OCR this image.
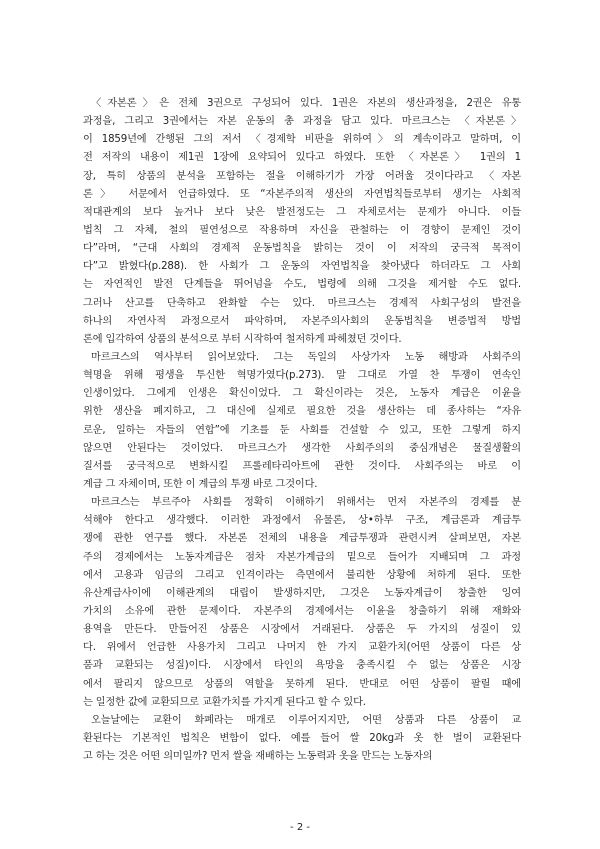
〈자본론〉은 전체 3권으로 구성되어 있다. 1권은 자본의 생산과정을, 2권은 유통
과정을, 그리고 3권에서는 자본 운동의 총 과정을 담고 있다. 마르크스는 〈자본론〉
이 1859년에 간행된 그의 저서 〈경제학 비판을 위하여〉의 계속이라고 말하며, 이
전 저작의 내용이 제1권 1장에 요약되어 있다고 하였다. 또한 〈자본론〉 1권의 1
장, 특히 상품의 분석을 포함하는 절을 이해하기가 가장 어려울 것이다라고 〈자본
론〉 서문에서 언급하였다. 또 “자본주의적 생산의 자연법칙들로부터 생기는 사회적
적대관계의 보다 높거나 보다 낮은 발전정도는 그 자체로서는 문제가 아니다. 이들
법칙 그 자체, 철의 필연성으로 작용하며 자신을 관철하는 이 경향이 문제인 것이
다”라며, “근대 사회의 경제적 운동법칙을 밝히는 것이 이 저작의 궁극적 목적이
다”고 밝혔다(p.288). 한 사회가 그 운동의 자연법칙을 찾아냈다 하더라도 그 사회
는 자연적인 발전 단계들을 뛰어넘을 수도, 법령에 의해 그것을 제거할 수도 없다.
그러나 산고를 단축하고 완화할 수는 있다. 마르크스는 경제적 사회구성의 발전을
하나의 자연사적 과정으로서 파악하며, 자본주의사회의 운동법칙을 변증법적 방법
론에 입각하여 상품의 분석으로 부터 시작하여 철저하게 파헤쳤던 것이다.
마르크스의 역사부터 읽어보았다. 그는 독일의 사상가자 노동 해방과 사회주의
혁명을 위해 평생을 투신한 혁명가였다(p.273). 말 그대로 가열 찬 투쟁이 연속인
인생이었다. 그에게 인생은 확신이었다. 그 확신이라는 것은, 노동자 계급은 이윤을
위한 생산을 폐지하고, 그 대신에 실제로 필요한 것을 생산하는 데 종사하는 “자유
로운, 일하는 자들의 연합”에 기초를 둔 사회를 건설할 수 있고, 또한 그렇게 하지
않으면 안된다는 것이었다. 마르크스가 생각한 사회주의의 중심개념은 물질생활의
질서를 궁극적으로 변화시킬 프롤레타리아트에 관한 것이다. 사회주의는 바로 이
계급 그 자체이며, 또한 이 계급의 투쟁 바로 그것이다.
마르크스는 부르주아 사회를 정확히 이해하기 위해서는 먼저 자본주의 경제를 분
석해야 한다고 생각했다. 이러한 과정에서 유물론, 상•하부 구조, 계급론과 계급투
쟁에 관한 연구를 했다. 자본론 전체의 내용을 계급투쟁과 관련시켜 살펴보면, 자본
주의 경제에서는 노동자계급은 점차 자본가계급의 밑으로 들어가 지배되며 그 과정
에서 고용과 임금의 그리고 인격이라는 측면에서 불리한 상황에 처하게 된다. 또한
유산계급사이에 이해관계의 대립이 발생하지만, 그것은 노동자계급이 창출한 잉여
가치의 소유에 관한 문제이다. 자본주의 경제에서는 이윤을 창출하기 위해 재화와
용역을 만든다. 만들어진 상품은 시장에서 거래된다. 상품은 두 가지의 성질이 있
다. 위에서 언급한 사용가치 그리고 나머지 한 가지 교환가치(어떤 상품이 다른 상
품과 교환되는 성질)이다. 시장에서 타인의 욕망을 충족시킬 수 없는 상품은 시장
에서 팔리지 않으므로 상품의 역할을 못하게 된다. 반대로 어떤 상품이 팔릴 때에
는 일정한 값에 교환되므로 교환가치를 가지게 된다고 할 수 있다.
오늘날에는 교환이 화폐라는 매개로 이루어지지만, 어떤 상품과 다른 상품이 교
환된다는 기본적인 법칙은 변함이 없다. 예를 들어 쌀 20kg과 옷 한 벌이 교환된다
고 하는 것은 어떤 의미일까? 먼저 쌀을 재배하는 노동력과 옷을 만드는 노동자의
- 2 -
